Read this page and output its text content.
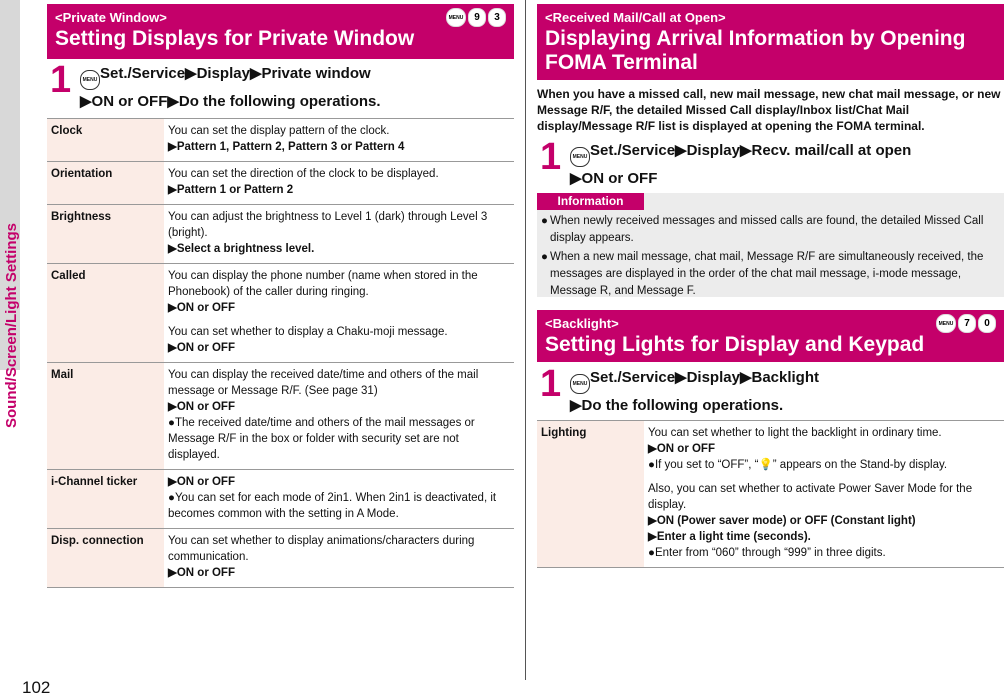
Sound/Screen/Light Settings
102
<Private Window>
Setting Displays for Private Window
MENU	9	3
1	MENU Set./Service▶Display▶Private window
▶ON or OFF▶Do the following operations.
Clock	You can set the display pattern of the clock.
▶Pattern 1, Pattern 2, Pattern 3 or Pattern 4

Orientation	You can set the direction of the clock to be displayed.
▶Pattern 1 or Pattern 2

Brightness	You can adjust the brightness to Level 1 (dark) through Level 3 (bright).
▶Select a brightness level.

Called	You can display the phone number (name when stored in the Phonebook) of the caller during ringing.
▶ON or OFF
You can set whether to display a Chaku-moji message.
▶ON or OFF

Mail	You can display the received date/time and others of the mail message or Message R/F. (See page 31)
▶ON or OFF
●The received date/time and others of the mail messages or Message R/F in the box or folder with security set are not displayed.

i-Channel ticker	▶ON or OFF
●You can set for each mode of 2in1. When 2in1 is deactivated, it becomes common with the setting in A Mode.

Disp. connection	You can set whether to display animations/characters during communication.
▶ON or OFF
<Received Mail/Call at Open>
Displaying Arrival Information by Opening FOMA Terminal
When you have a missed call, new mail message, new chat mail message, or new Message R/F, the detailed Missed Call display/Inbox list/Chat Mail display/Message R/F list is displayed at opening the FOMA terminal.
1	MENU Set./Service▶Display▶Recv. mail/call at open
▶ON or OFF
Information
● When newly received messages and missed calls are found, the detailed Missed Call display appears.
● When a new mail message, chat mail, Message R/F are simultaneously received, the messages are displayed in the order of the chat mail message, i-mode message, Message R, and Message F.
<Backlight>
Setting Lights for Display and Keypad
MENU	7	0
1	MENU Set./Service▶Display▶Backlight
▶Do the following operations.
Lighting	You can set whether to light the backlight in ordinary time.
▶ON or OFF
●If you set to “OFF”, “💡” appears on the Stand-by display.
Also, you can set whether to activate Power Saver Mode for the display.
▶ON (Power saver mode) or OFF (Constant light)
▶Enter a light time (seconds).
●Enter from “060” through “999” in three digits.
